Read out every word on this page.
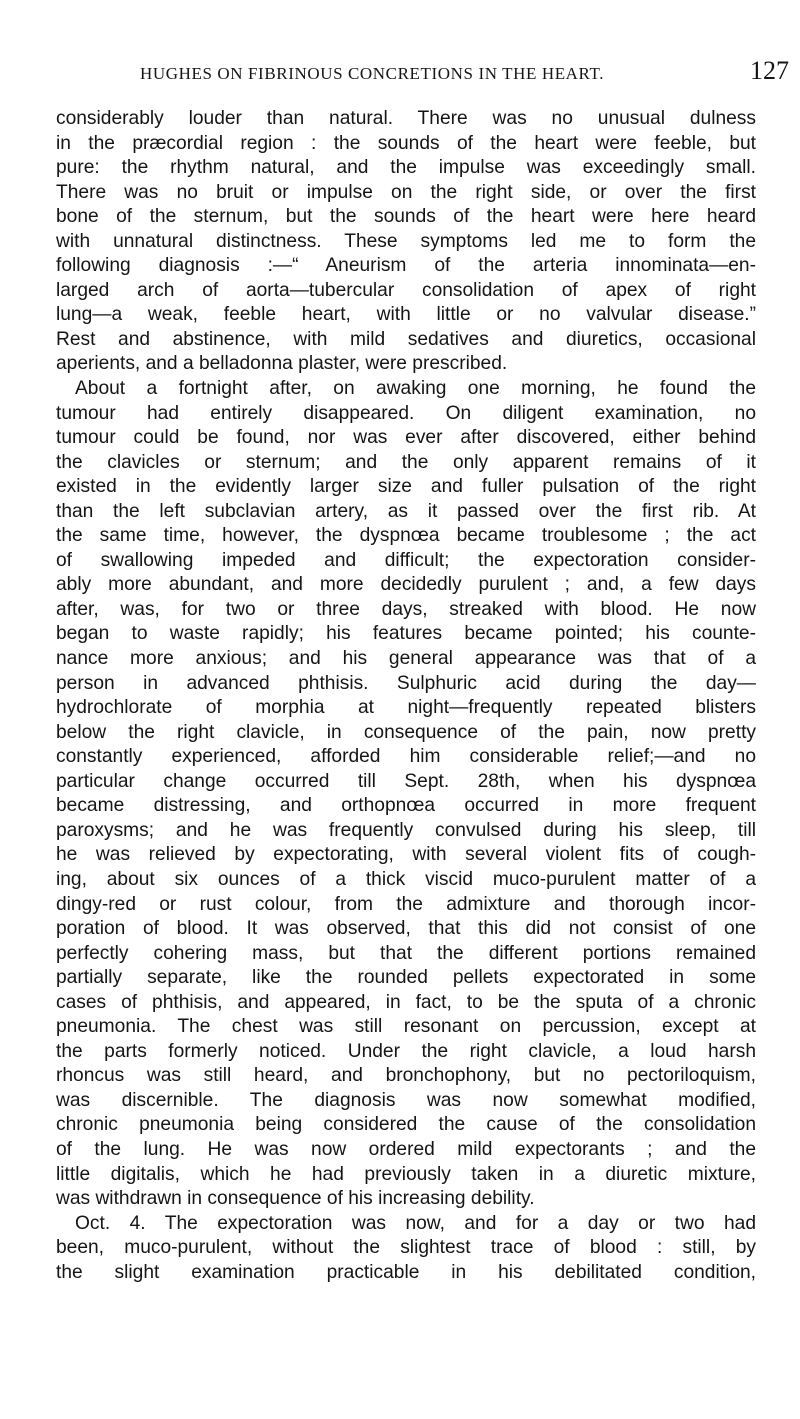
HUGHES ON FIBRINOUS CONCRETIONS IN THE HEART.	127
considerably louder than natural. There was no unusual dulness
in the præcordial region : the sounds of the heart were feeble, but
pure: the rhythm natural, and the impulse was exceedingly small.
There was no bruit or impulse on the right side, or over the first
bone of the sternum, but the sounds of the heart were here heard
with unnatural distinctness. These symptoms led me to form the
following diagnosis :—“ Aneurism of the arteria innominata—en-
larged arch of aorta—tubercular consolidation of apex of right
lung—a weak, feeble heart, with little or no valvular disease.”
Rest and abstinence, with mild sedatives and diuretics, occasional
aperients, and a belladonna plaster, were prescribed.
About a fortnight after, on awaking one morning, he found the
tumour had entirely disappeared. On diligent examination, no
tumour could be found, nor was ever after discovered, either behind
the clavicles or sternum; and the only apparent remains of it
existed in the evidently larger size and fuller pulsation of the right
than the left subclavian artery, as it passed over the first rib. At
the same time, however, the dyspnœa became troublesome ; the act
of swallowing impeded and difficult; the expectoration consider-
ably more abundant, and more decidedly purulent ; and, a few days
after, was, for two or three days, streaked with blood. He now
began to waste rapidly; his features became pointed; his counte-
nance more anxious; and his general appearance was that of a
person in advanced phthisis. Sulphuric acid during the day—
hydrochlorate of morphia at night—frequently repeated blisters
below the right clavicle, in consequence of the pain, now pretty
constantly experienced, afforded him considerable relief;—and no
particular change occurred till Sept. 28th, when his dyspnœa
became distressing, and orthopnœa occurred in more frequent
paroxysms; and he was frequently convulsed during his sleep, till
he was relieved by expectorating, with several violent fits of cough-
ing, about six ounces of a thick viscid muco-purulent matter of a
dingy-red or rust colour, from the admixture and thorough incor-
poration of blood. It was observed, that this did not consist of one
perfectly cohering mass, but that the different portions remained
partially separate, like the rounded pellets expectorated in some
cases of phthisis, and appeared, in fact, to be the sputa of a chronic
pneumonia. The chest was still resonant on percussion, except at
the parts formerly noticed. Under the right clavicle, a loud harsh
rhoncus was still heard, and bronchophony, but no pectoriloquism,
was discernible. The diagnosis was now somewhat modified,
chronic pneumonia being considered the cause of the consolidation
of the lung. He was now ordered mild expectorants ; and the
little digitalis, which he had previously taken in a diuretic mixture,
was withdrawn in consequence of his increasing debility.
Oct. 4. The expectoration was now, and for a day or two had
been, muco-purulent, without the slightest trace of blood : still, by
the slight examination practicable in his debilitated condition,
